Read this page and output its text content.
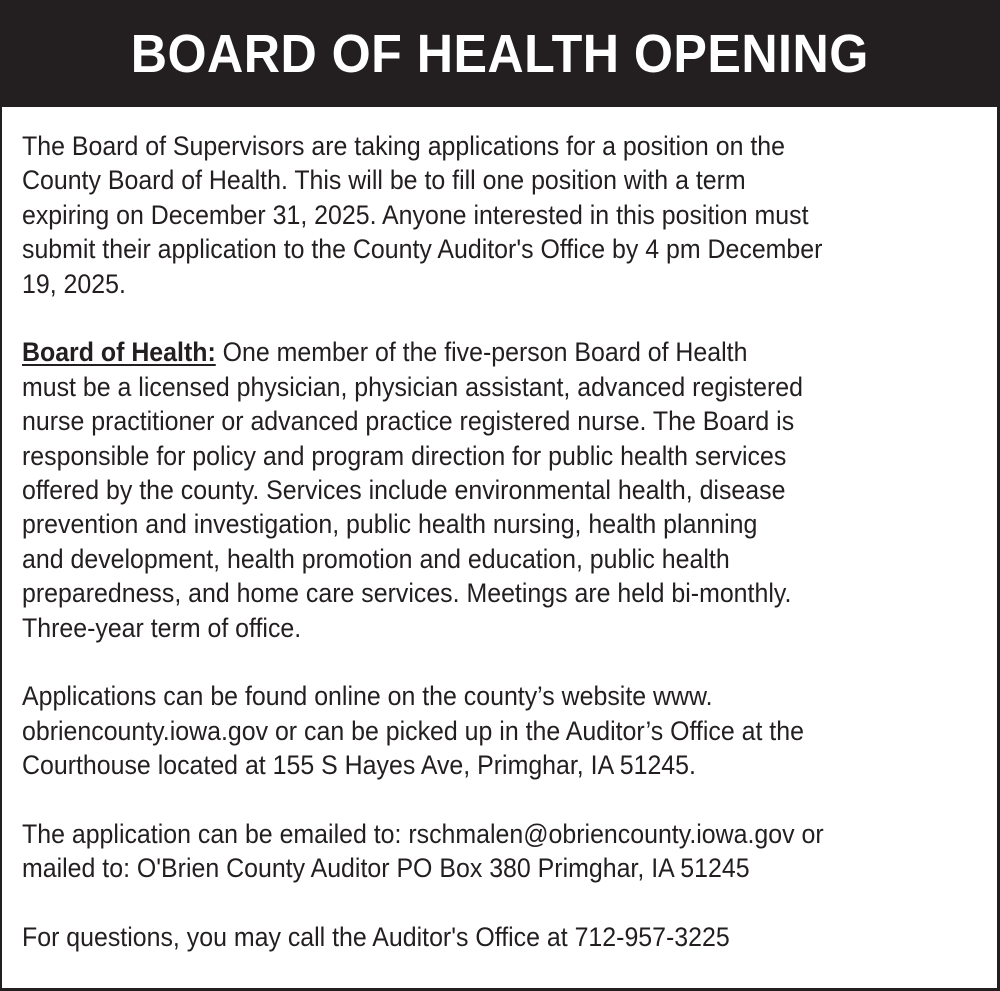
BOARD OF HEALTH OPENING
The Board of Supervisors are taking applications for a position on the
County Board of Health. This will be to fill one position with a term
expiring on December 31, 2025. Anyone interested in this position must
submit their application to the County Auditor's Office by 4 pm December
19, 2025.
Board of Health: One member of the five-person Board of Health
must be a licensed physician, physician assistant, advanced registered
nurse practitioner or advanced practice registered nurse. The Board is
responsible for policy and program direction for public health services
offered by the county. Services include environmental health, disease
prevention and investigation, public health nursing, health planning
and development, health promotion and education, public health
preparedness, and home care services. Meetings are held bi-monthly.
Three-year term of office.
Applications can be found online on the county’s website www.
obriencounty.iowa.gov or can be picked up in the Auditor’s Office at the
Courthouse located at 155 S Hayes Ave, Primghar, IA 51245.
The application can be emailed to: rschmalen@obriencounty.iowa.gov or
mailed to: O'Brien County Auditor PO Box 380 Primghar, IA 51245
For questions, you may call the Auditor's Office at 712-957-3225
